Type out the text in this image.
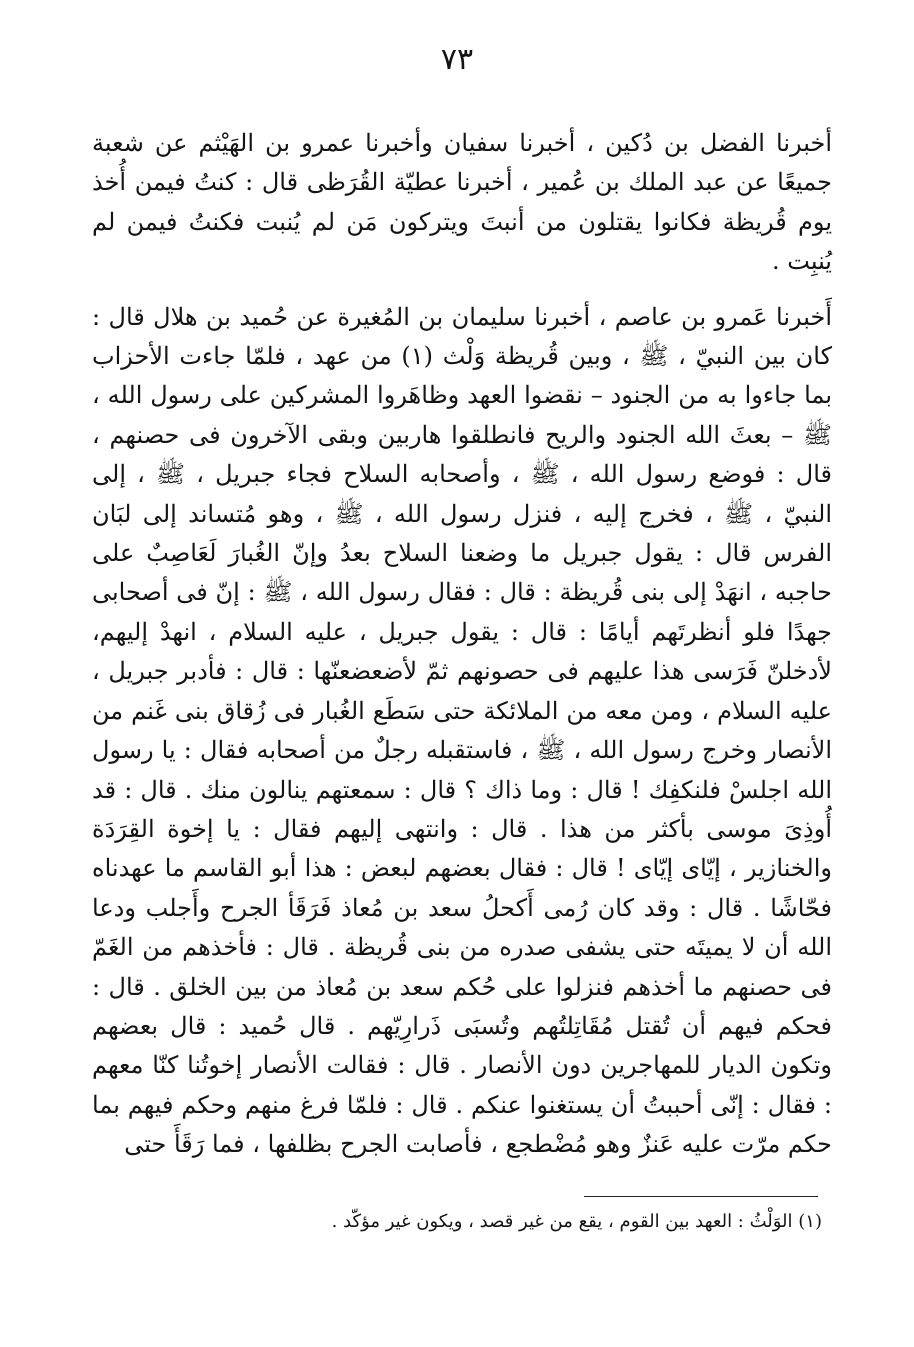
٧٣

أخبرنا الفضل بن دُكين ، أخبرنا سفيان وأخبرنا عمرو بن الهَيْثم عن شعبة جميعًا عن عبد الملك بن عُمير ، أخبرنا عطيّة القُرَظى قال : كنتُ فيمن أُخذ يوم قُريظة فكانوا يقتلون من أنبتَ ويتركون مَن لم يُنبت فكنتُ فيمن لم يُنبِت .

أَخبرنا عَمرو بن عاصم ، أخبرنا سليمان بن المُغيرة عن حُميد بن هلال قال : كان بين النبيّ ، ﷺ ، وبين قُريظة وَلْث (١) من عهد ، فلمّا جاءت الأحزاب بما جاءوا به من الجنود – نقضوا العهد وظاهَروا المشركين على رسول الله ، ﷺ – بعثَ الله الجنود والريح فانطلقوا هاربين وبقى الآخرون فى حصنهم ، قال : فوضع رسول الله ، ﷺ ، وأصحابه السلاح فجاء جبريل ، ﷺ ، إلى النبيّ ، ﷺ ، فخرج إليه ، فنزل رسول الله ، ﷺ ، وهو مُتساند إلى لبَان الفرس قال : يقول جبريل ما وضعنا السلاح بعدُ وإنّ الغُبارَ لَعَاصِبٌ على حاجبه ، انهَدْ إلى بنى قُريظة : قال : فقال رسول الله ، ﷺ : إنّ فى أصحابى جهدًا فلو أنظرتَهم أيامًا : قال : يقول جبريل ، عليه السلام ، انهدْ إليهم، لأدخلنّ فَرَسى هذا عليهم فى حصونهم ثمّ لأضعضعنّها : قال : فأدبر جبريل ، عليه السلام ، ومن معه من الملائكة حتى سَطَع الغُبار فى زُقاق بنى غَنم من الأنصار وخرج رسول الله ، ﷺ ، فاستقبله رجلٌ من أصحابه فقال : يا رسول الله اجلسْ فلنكفِك ! قال : وما ذاك ؟ قال : سمعتهم ينالون منك . قال : قد أُوذِىَ موسى بأكثر من هذا . قال : وانتهى إليهم فقال : يا إخوة القِرَدَة والخنازير ، إيّاى إيّاى ! قال : فقال بعضهم لبعض : هذا أبو القاسم ما عهدناه فحّاشًا . قال : وقد كان رُمى أَكحلُ سعد بن مُعاذ فَرَقَأ الجرح وأَجلب ودعا الله أن لا يميتَه حتى يشفى صدره من بنى قُريظة . قال : فأخذهم من الغَمّ فى حصنهم ما أخذهم فنزلوا على حُكم سعد بن مُعاذ من بين الخلق . قال : فحكم فيهم أن تُقتل مُقَاتِلتُهم وتُسبَى ذَرارِيّهم . قال حُميد : قال بعضهم وتكون الديار للمهاجرين دون الأنصار . قال : فقالت الأنصار إخوتُنا كنّا معهم : فقال : إنّى أحببتُ أن يستغنوا عنكم . قال : فلمّا فرغ منهم وحكم فيهم بما حكم مرّت عليه عَنزٌ وهو مُضْطجع ، فأصابت الجرح بظلفها ، فما رَقَأَ حتى

(١) الوَلْثُ : العهد بين القوم ، يقع من غير قصد ، ويكون غير مؤكّد .
